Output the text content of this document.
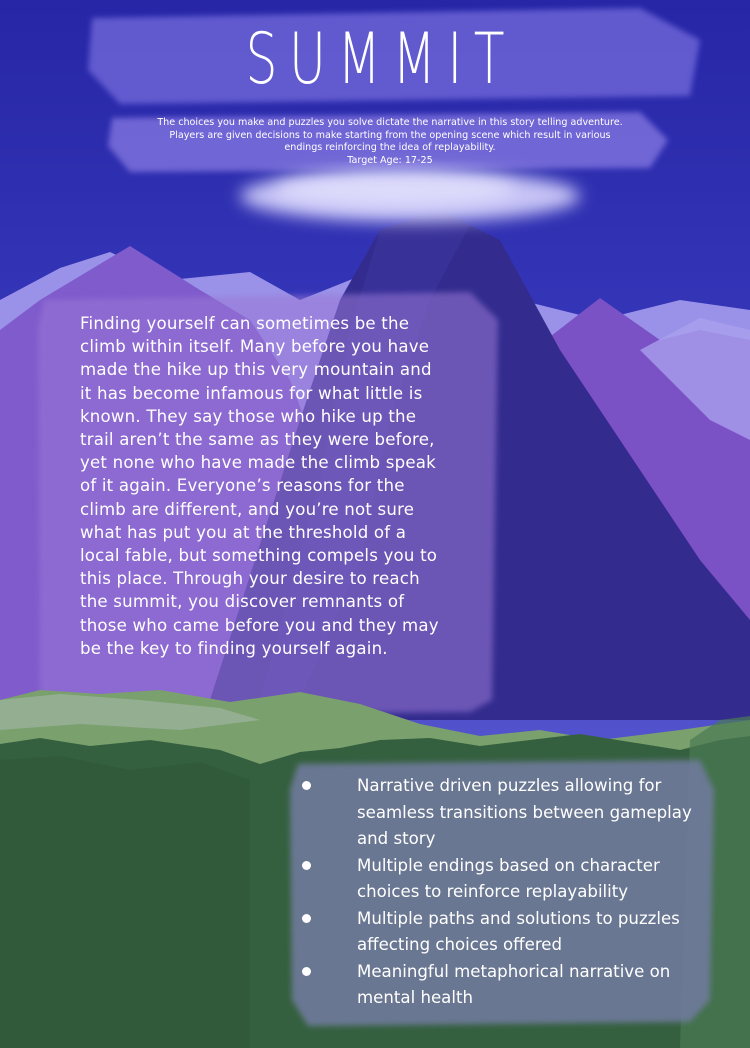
SUMMIT
The choices you make and puzzles you solve dictate the narrative in this story telling adventure. Players are given decisions to make starting from the opening scene which result in various endings reinforcing the idea of replayability.
Target Age: 17-25
Finding yourself can sometimes be the climb within itself. Many before you have made the hike up this very mountain and it has become infamous for what little is known. They say those who hike up the trail aren’t the same as they were before, yet none who have made the climb speak of it again. Everyone’s reasons for the climb are different, and you’re not sure what has put you at the threshold of a local fable, but something compels you to this place. Through your desire to reach the summit, you discover remnants of those who came before you and they may be the key to finding yourself again.
Narrative driven puzzles allowing for seamless transitions between gameplay and story
Multiple endings based on character choices to reinforce replayability
Multiple paths and solutions to puzzles affecting choices offered
Meaningful metaphorical narrative on mental health
